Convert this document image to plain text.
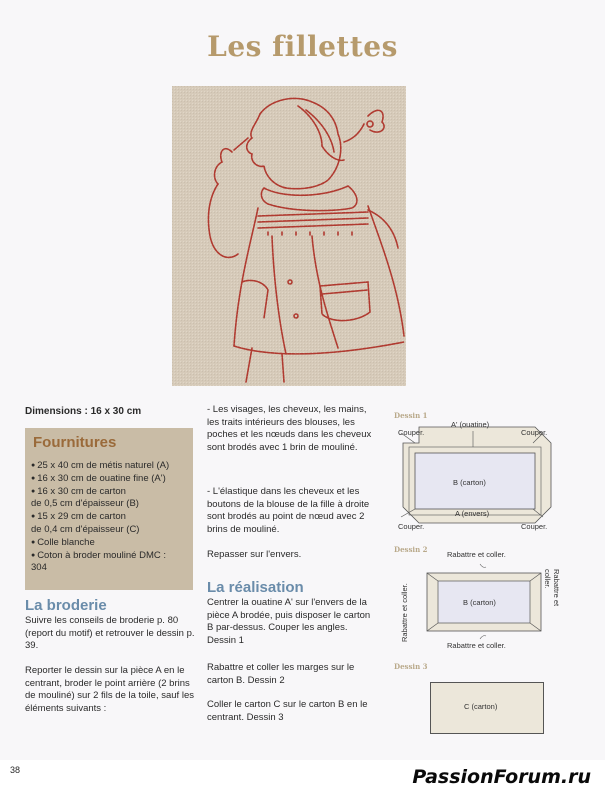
Les fillettes
Dimensions : 16 x 30 cm
Fournitures
● 25 x 40 cm de métis naturel (A)
● 16 x 30 cm de ouatine fine (A')
● 16 x 30 cm de carton
de 0,5 cm d'épaisseur (B)
● 15 x 29 cm de carton
de 0,4 cm d'épaisseur (C)
● Colle blanche
● Coton à broder mouliné DMC :
304
La broderie

Suivre les conseils de broderie p. 80 (report du motif) et retrouver le dessin p. 39.

Reporter le dessin sur la pièce A en le centrant, broder le point arrière (2 brins de mouliné) sur 2 fils de la toile, sauf les éléments suivants :

- Les visages, les cheveux, les mains, les traits intérieurs des blouses, les poches et les nœuds dans les cheveux sont brodés avec 1 brin de mouliné.

- L'élastique dans les cheveux et les boutons de la blouse de la fille à droite sont brodés au point de nœud avec 2 brins de mouliné.

Repasser sur l'envers.

La réalisation

Centrer la ouatine A' sur l'envers de la pièce A brodée, puis disposer le carton B par-dessus. Couper les angles. Dessin 1

Rabattre et coller les marges sur le carton B. Dessin 2

Coller le carton C sur le carton B en le centrant. Dessin 3

Dessin 1
A' (ouatine)
Couper.	Couper.
B (carton)
A (envers)
Couper.	Couper.
Dessin 2
Rabattre et coller.
Rabattre et coller.
B (carton)
Rabattre et coller.	Rabattre et coller.
Dessin 3
C (carton)
38	PassionForum.ru
